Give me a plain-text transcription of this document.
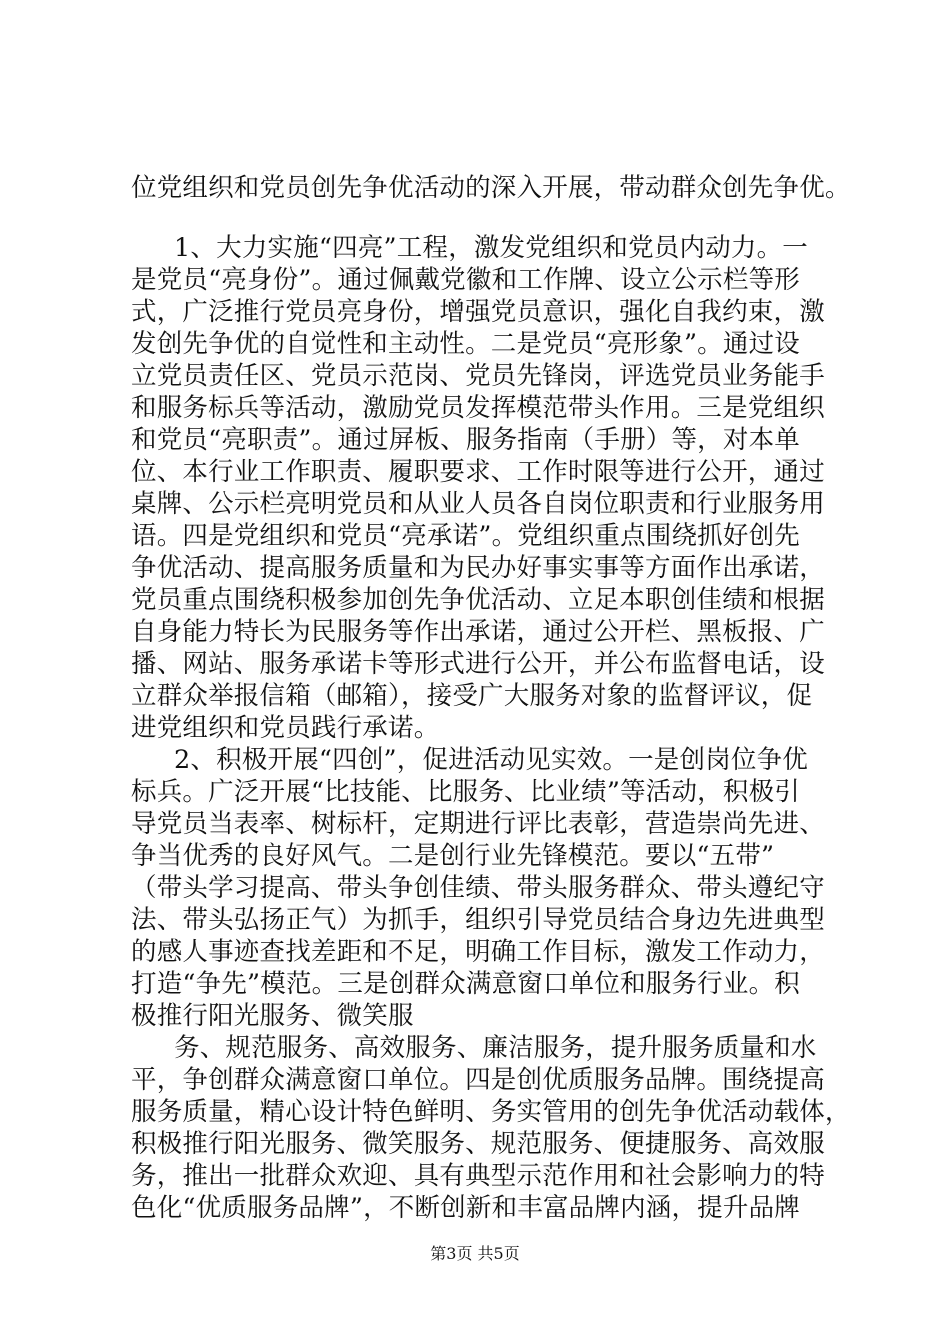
位党组织和党员创先争优活动的深入开展，带动群众创先争优。
1、大力实施“四亮”工程，激发党组织和党员内动力。一
是党员“亮身份”。通过佩戴党徽和工作牌、设立公示栏等形
式，广泛推行党员亮身份，增强党员意识，强化自我约束，激
发创先争优的自觉性和主动性。二是党员“亮形象”。通过设
立党员责任区、党员示范岗、党员先锋岗，评选党员业务能手
和服务标兵等活动，激励党员发挥模范带头作用。三是党组织
和党员“亮职责”。通过屏板、服务指南（手册）等，对本单
位、本行业工作职责、履职要求、工作时限等进行公开，通过
桌牌、公示栏亮明党员和从业人员各自岗位职责和行业服务用
语。四是党组织和党员“亮承诺”。党组织重点围绕抓好创先
争优活动、提高服务质量和为民办好事实事等方面作出承诺，
党员重点围绕积极参加创先争优活动、立足本职创佳绩和根据
自身能力特长为民服务等作出承诺，通过公开栏、黑板报、广
播、网站、服务承诺卡等形式进行公开，并公布监督电话，设
立群众举报信箱（邮箱），接受广大服务对象的监督评议，促
进党组织和党员践行承诺。
2、积极开展“四创”，促进活动见实效。一是创岗位争优
标兵。广泛开展“比技能、比服务、比业绩”等活动，积极引
导党员当表率、树标杆，定期进行评比表彰，营造崇尚先进、
争当优秀的良好风气。二是创行业先锋模范。要以“五带”
（带头学习提高、带头争创佳绩、带头服务群众、带头遵纪守
法、带头弘扬正气）为抓手，组织引导党员结合身边先进典型
的感人事迹查找差距和不足，明确工作目标，激发工作动力，
打造“争先”模范。三是创群众满意窗口单位和服务行业。积
极推行阳光服务、微笑服
务、规范服务、高效服务、廉洁服务，提升服务质量和水
平，争创群众满意窗口单位。四是创优质服务品牌。围绕提高
服务质量，精心设计特色鲜明、务实管用的创先争优活动载体，
积极推行阳光服务、微笑服务、规范服务、便捷服务、高效服
务，推出一批群众欢迎、具有典型示范作用和社会影响力的特
色化“优质服务品牌”，不断创新和丰富品牌内涵，提升品牌
第3页 共5页
